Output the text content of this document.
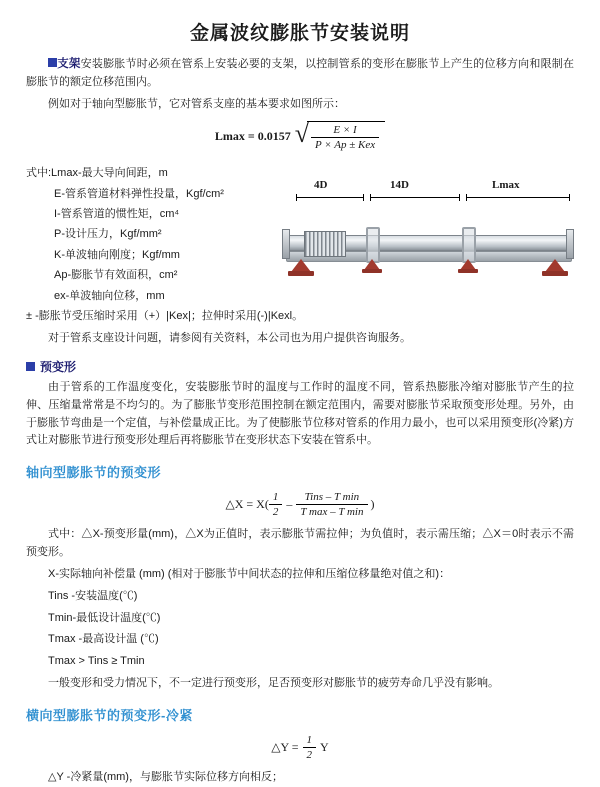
金属波纹膨胀节安装说明
支架安装膨胀节时必须在管系上安装必要的支架，以控制管系的变形在膨胀节上产生的位移方向和限制在膨胀节的额定位移范围内。
例如对于轴向型膨胀节，它对管系支座的基本要求如图所示：
Lmax = 0.0157 √ $\frac{E \times I}{\text{P × Ap ± Kex}}$
式中:Lmax-最大导向间距，m
E-管系管道材料弹性投量，Kgf/cm²
I-管系管道的惯性矩，cm⁴
P-设计压力，Kgf/mm²
K-单波轴向刚度；Kgf/mm
Ap-膨胀节有效面积，cm²
ex-单波轴向位移，mm
4D	14D	Lmax
± -膨胀节受压缩时采用（+）|Kex|；拉伸时采用(-)|Kexl。
对于管系支座设计问题，请参阅有关资料，本公司也为用户提供咨询服务。
预变形
由于管系的工作温度变化，安装膨胀节时的温度与工作时的温度不同，管系热膨胀冷缩对膨胀节产生的拉伸、压缩量常常是不均匀的。为了膨胀节变形范围控制在额定范围内，需要对膨胀节采取预变形处理。另外，由于膨胀节弯曲是一个定值，与补偿量成正比。为了使膨胀节位移对管系的作用力最小，也可以采用预变形(冷紧)方式让对膨胀节进行预变形处理后再将膨胀节在变形状态下安装在管系中。
轴向型膨胀节的预变形
△X = $X( \frac{1}{2} - \frac{\text{Tins – T min}}{\text{T max – T min}}$ )
式中：△X-预变形量(mm)，△X为正值时，表示膨胀节需拉伸；为负值时，表示需压缩；△X＝0时表示不需预变形。
X-实际轴向补偿量 (mm) (相对于膨胀节中间状态的拉伸和压缩位移量绝对值之和)：
Tins -安装温度(℃)
Tmin-最低设计温度(℃)
Tmax -最高设计温 (℃)
Tmax > Tins ≥ Tmin
一般变形和受力情况下，不一定进行预变形，足否预变形对膨胀节的疲劳寿命几乎没有影响。
横向型膨胀节的预变形-冷紧
△Y = $\frac{1}{2}$ Y
△Y -冷紧量(mm)，与膨胀节实际位移方向相反；
